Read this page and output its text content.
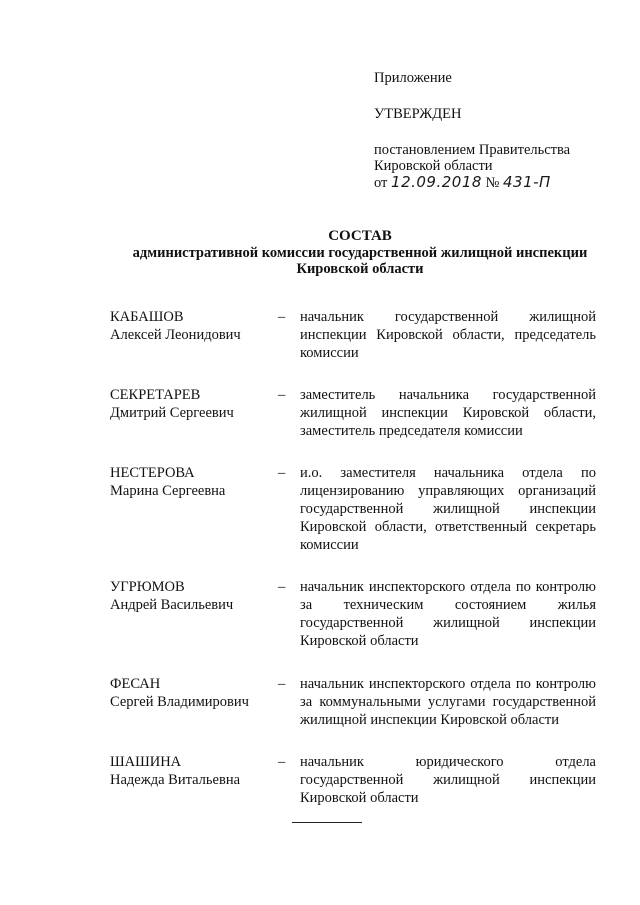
Приложение
УТВЕРЖДЕН
постановлением Правительства
Кировской области
от 12.09.2018 № 431-П
СОСТАВ
административной комиссии государственной жилищной инспекции
Кировской области
КАБАШОВ
Алексей Леонидович
–	начальник государственной жилищной инспекции Кировской области, председатель комиссии
СЕКРЕТАРЕВ
Дмитрий Сергеевич
–	заместитель начальника государственной жилищной инспекции Кировской области, заместитель председателя комиссии
НЕСТЕРОВА
Марина Сергеевна
–	и.о. заместителя начальника отдела по лицензированию управляющих организаций государственной жилищной инспекции Кировской области, ответственный секретарь комиссии
УГРЮМОВ
Андрей Васильевич
–	начальник инспекторского отдела по контролю за техническим состоянием жилья государственной жилищной инспекции Кировской области
ФЕСАН
Сергей Владимирович
–	начальник инспекторского отдела по контролю за коммунальными услугами государственной жилищной инспекции Кировской области
ШАШИНА
Надежда Витальевна
–	начальник юридического отдела государственной жилищной инспекции Кировской области
